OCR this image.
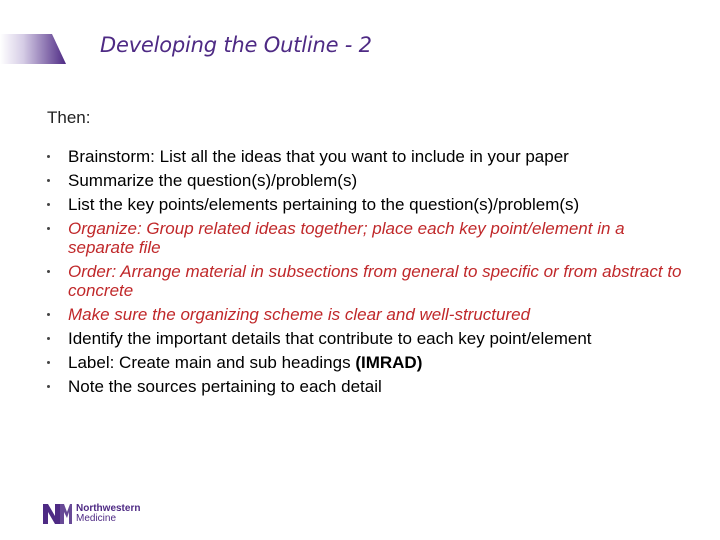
Developing the Outline - 2
Then:
Brainstorm: List all the ideas that you want to include in your paper
Summarize the question(s)/problem(s)
List the key points/elements pertaining to the question(s)/problem(s)
Organize: Group related ideas together; place each key point/element in a separate file
Order: Arrange material in subsections from general to specific or from abstract to concrete
Make sure the organizing scheme is clear and well-structured
Identify the important details that contribute to each key point/element
Label: Create main and sub headings (IMRAD)
Note the sources pertaining to each detail
Northwestern
Medicine
